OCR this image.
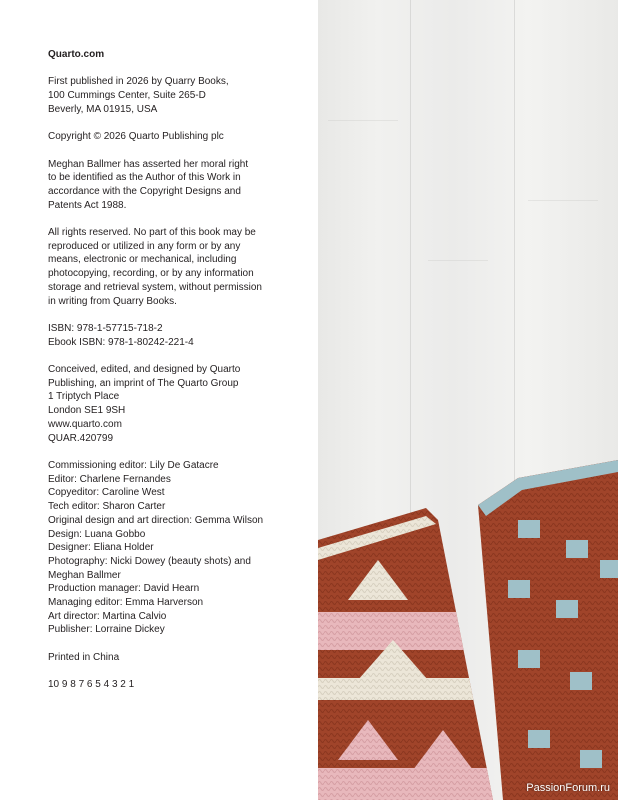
Quarto.com

First published in 2026 by Quarry Books,
100 Cummings Center, Suite 265-D
Beverly, MA 01915, USA

Copyright © 2026 Quarto Publishing plc

Meghan Ballmer has asserted her moral right
to be identified as the Author of this Work in
accordance with the Copyright Designs and
Patents Act 1988.

All rights reserved. No part of this book may be
reproduced or utilized in any form or by any
means, electronic or mechanical, including
photocopying, recording, or by any information
storage and retrieval system, without permission
in writing from Quarry Books.

ISBN: 978-1-57715-718-2
Ebook ISBN: 978-1-80242-221-4

Conceived, edited, and designed by Quarto
Publishing, an imprint of The Quarto Group
1 Triptych Place
London SE1 9SH
www.quarto.com
QUAR.420799

Commissioning editor: Lily De Gatacre
Editor: Charlene Fernandes
Copyeditor: Caroline West
Tech editor: Sharon Carter
Original design and art direction: Gemma Wilson
Design: Luana Gobbo
Designer: Eliana Holder
Photography: Nicki Dowey (beauty shots) and
Meghan Ballmer
Production manager: David Hearn
Managing editor: Emma Harverson
Art director: Martina Calvio
Publisher: Lorraine Dickey

Printed in China

10 9 8 7 6 5 4 3 2 1

PassionForum.ru
